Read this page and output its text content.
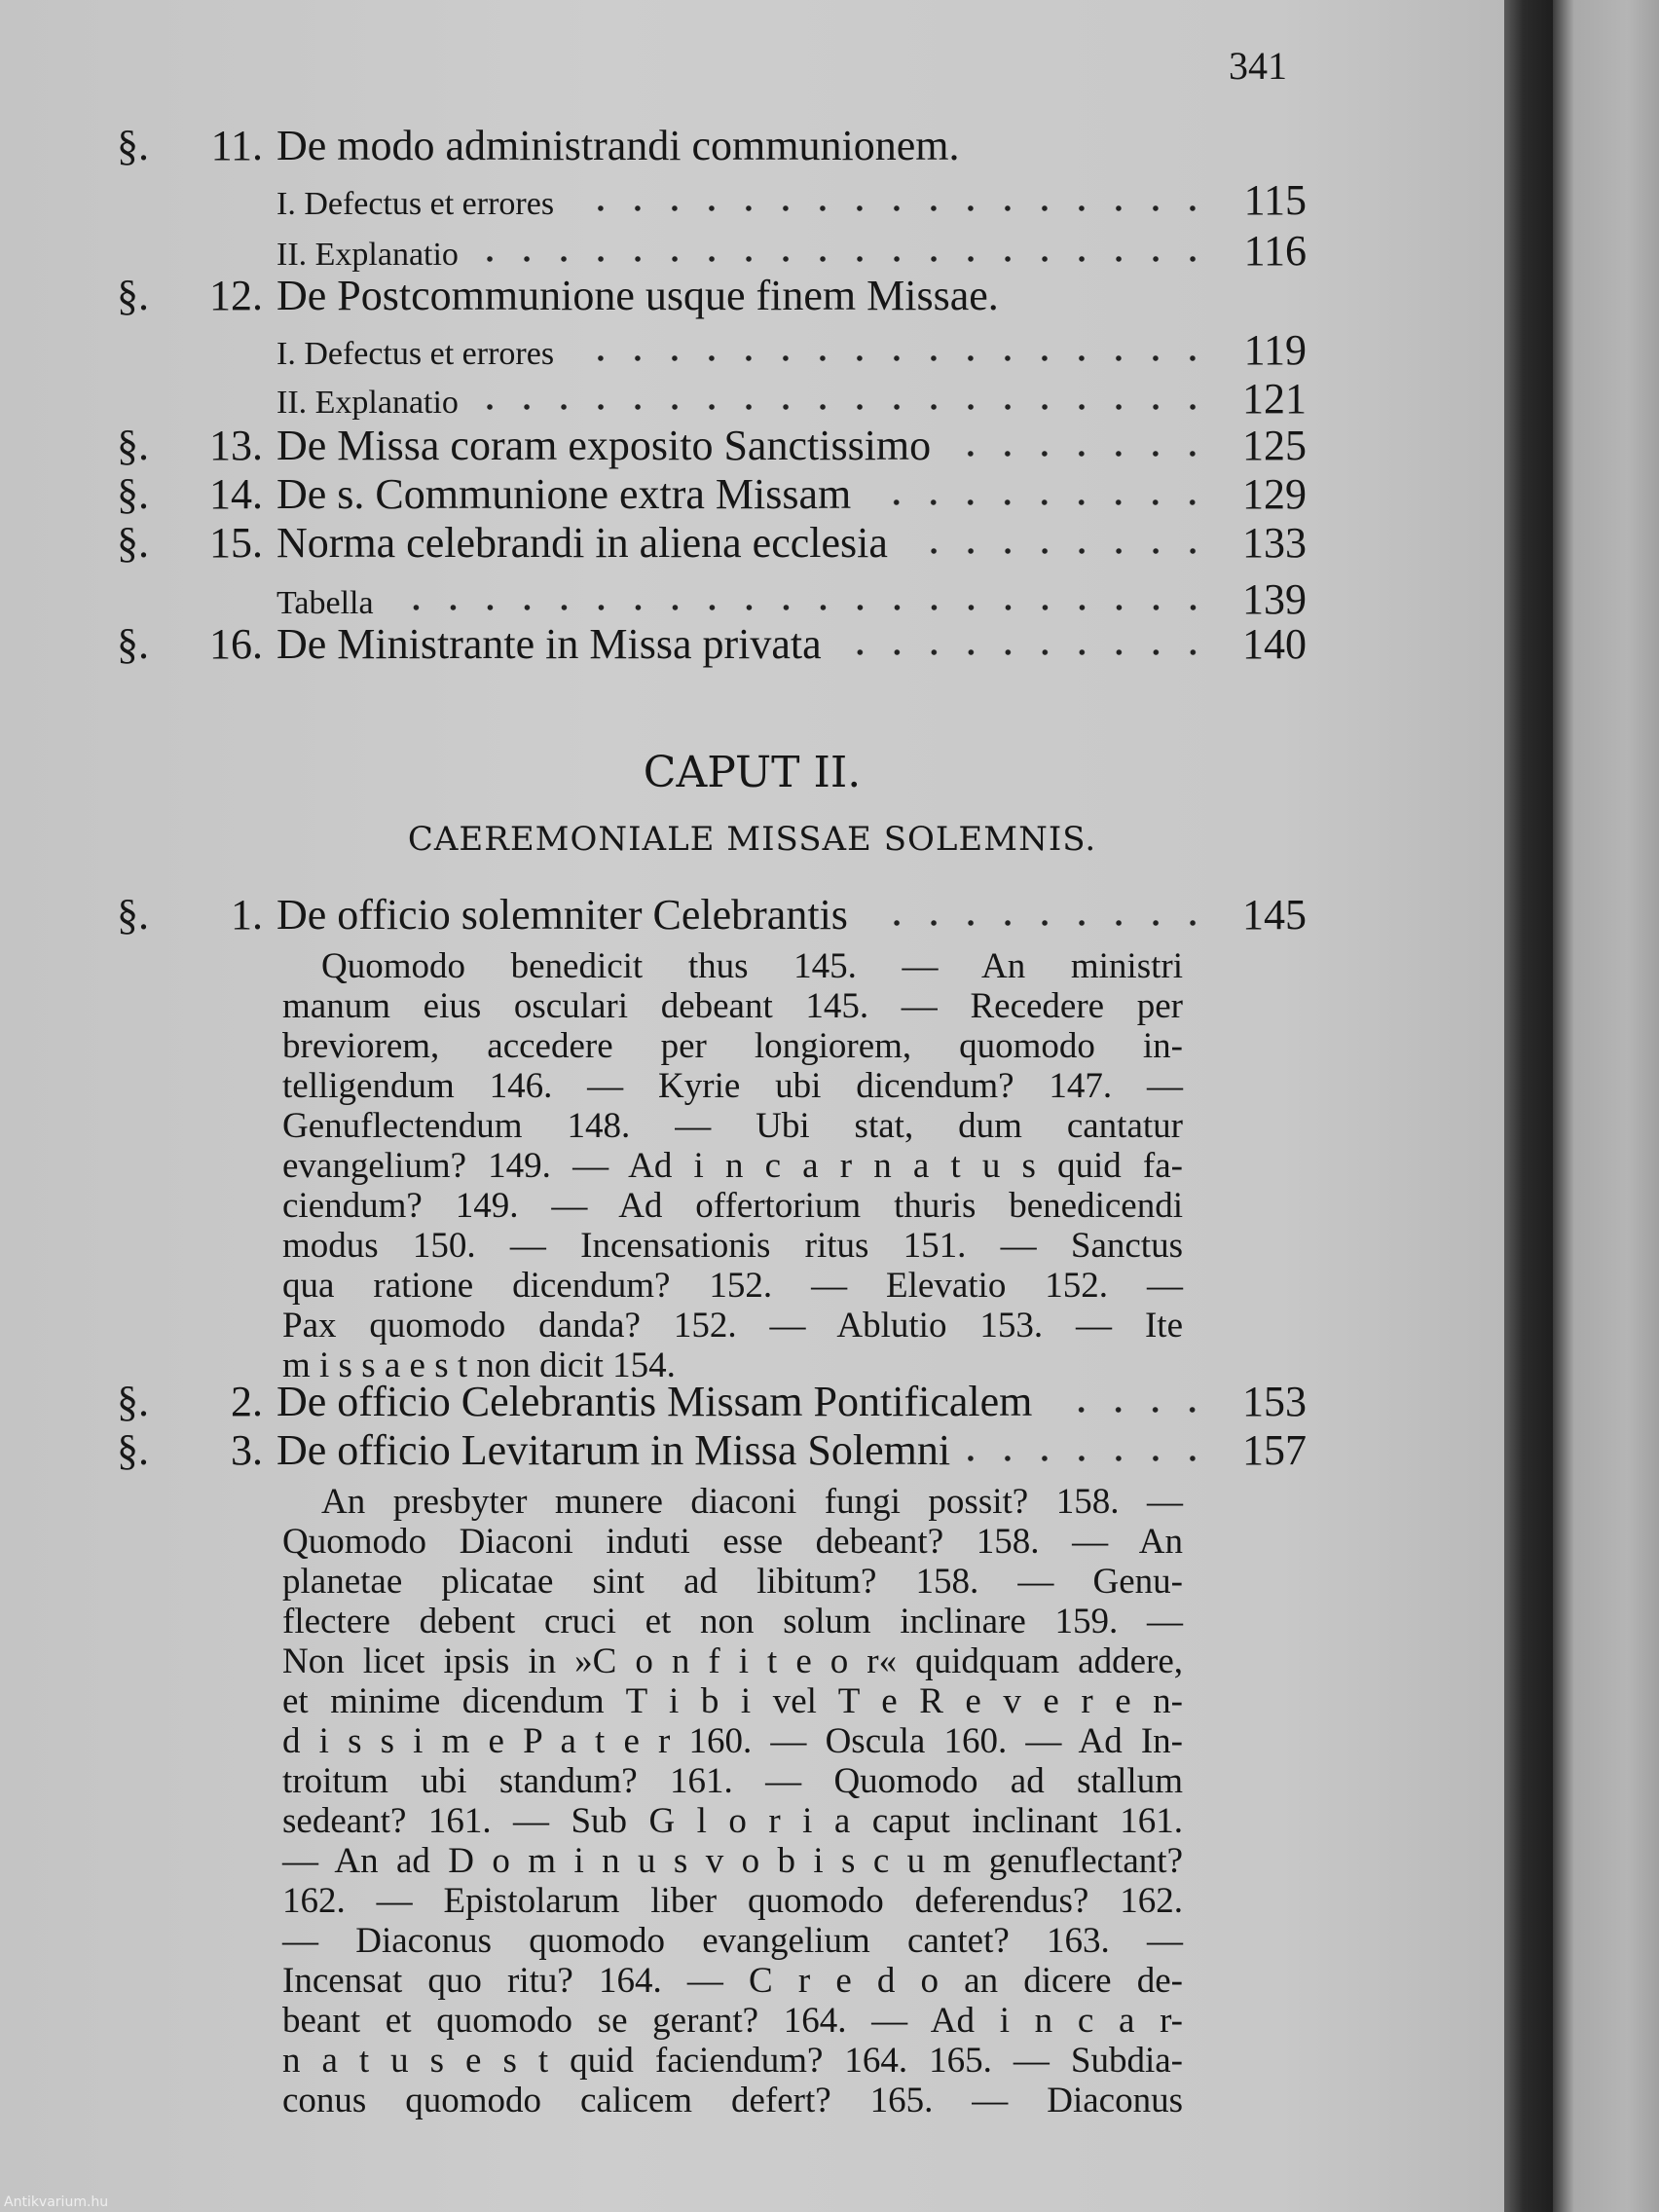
341
§.	11. De modo administrandi communionem.
I. Defectus et errores	115
II. Explanatio	116
§.	12. De Postcommunione usque finem Missae.
I. Defectus et errores	119
II. Explanatio	121
§.	13. De Missa coram exposito Sanctissimo	125
§.	14. De s. Communione extra Missam	129
§.	15. Norma celebrandi in aliena ecclesia	133
Tabella	139
§.	16. De Ministrante in Missa privata	140
CAPUT II.
CAEREMONIALE MISSAE SOLEMNIS.
§.	1. De officio solemniter Celebrantis	145
§.	2. De officio Celebrantis Missam Pontificalem	153
§.	3. De officio Levitarum in Missa Solemni	157
Quomodo benedicit thus 145. — An ministri
manum eius osculari debeant 145. — Recedere per
breviorem, accedere per longiorem, quomodo in-
telligendum 146. — Kyrie ubi dicendum? 147. —
Genuflectendum 148. — Ubi stat, dum cantatur
evangelium? 149. — Ad i n c a r n a t u s quid fa-
ciendum? 149. — Ad offertorium thuris benedicendi
modus 150. — Incensationis ritus 151. — Sanctus
qua ratione dicendum? 152. — Elevatio 152. —
Pax quomodo danda? 152. — Ablutio 153. — Ite
m i s s a e s t non dicit 154.
An presbyter munere diaconi fungi possit? 158. —
Quomodo Diaconi induti esse debeant? 158. — An
planetae plicatae sint ad libitum? 158. — Genu-
flectere debent cruci et non solum inclinare 159. —
Non licet ipsis in »C o n f i t e o r« quidquam addere,
et minime dicendum T i b i vel T e R e v e r e n-
d i s s i m e P a t e r 160. — Oscula 160. — Ad In-
troitum ubi standum? 161. — Quomodo ad stallum
sedeant? 161. — Sub G l o r i a caput inclinant 161.
— An ad D o m i n u s v o b i s c u m genuflectant?
162. — Epistolarum liber quomodo deferendus? 162.
— Diaconus quomodo evangelium cantet? 163. —
Incensat quo ritu? 164. — C r e d o an dicere de-
beant et quomodo se gerant? 164. — Ad i n c a r-
n a t u s e s t quid faciendum? 164. 165. — Subdia-
conus quomodo calicem defert? 165. — Diaconus
Antikvarium.hu
